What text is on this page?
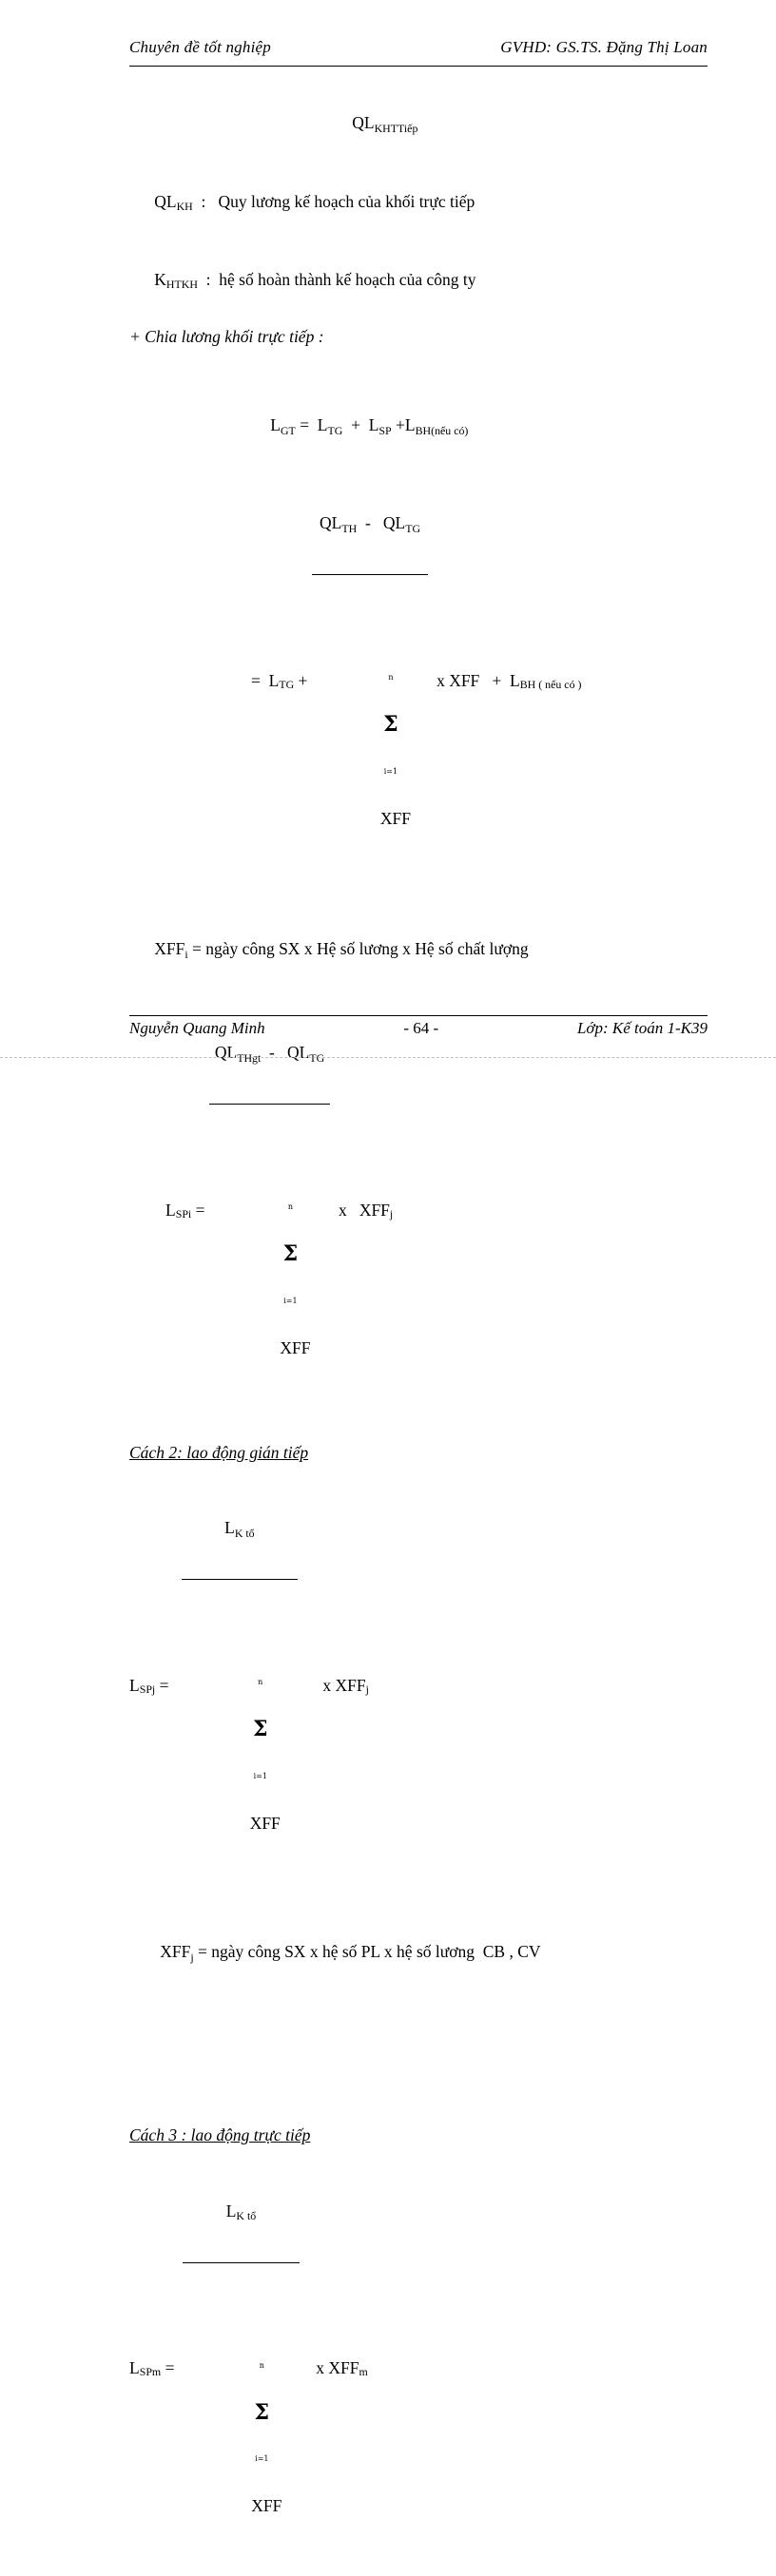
Chuyên đề tốt nghiệp	GVHD: GS.TS. Đặng Thị Loan

$QL_{KHTTiếp}$

$QL_{KH}$  :   Quy lương kế hoạch của khối trực tiếp

$K_{HTKH}$  :  hệ số hoàn thành kế hoạch của công ty

+ Chia lương khối trực tiếp :

$L_{GT} = L_{TG} + L_{SP} +L_{BH(nếu có)}$

=  $L_{TG}$ +

$QL_{TH} - QL_{TG}$

n

Σ

i=1

XFF

x XFF +  $L_{BH ( nếu có )}$

$XFF_i$ = ngày công SX x Hệ số lương x Hệ số chất lượng

$L_{SPi}$ =

$QL_{THgt} - QL_{TG}$

n

Σ

i=1

XFF

x   $XFF_j$
Cách 2: lao động gián tiếp
$L_{SPj}$ =

$L_{K tổ}$

n

Σ

i=1

XFF

x $XFF_j$

$XFF_j$ = ngày công SX x hệ số PL x hệ số lương  CB , CV

Cách 3 : lao động trực tiếp
$L_{SPm}$ =

$L_{K tổ}$

n

Σ

i=1

XFF

x $XFF_m$
Nguyễn Quang Minh	- 64 -	Lớp: Kế toán 1-K39
